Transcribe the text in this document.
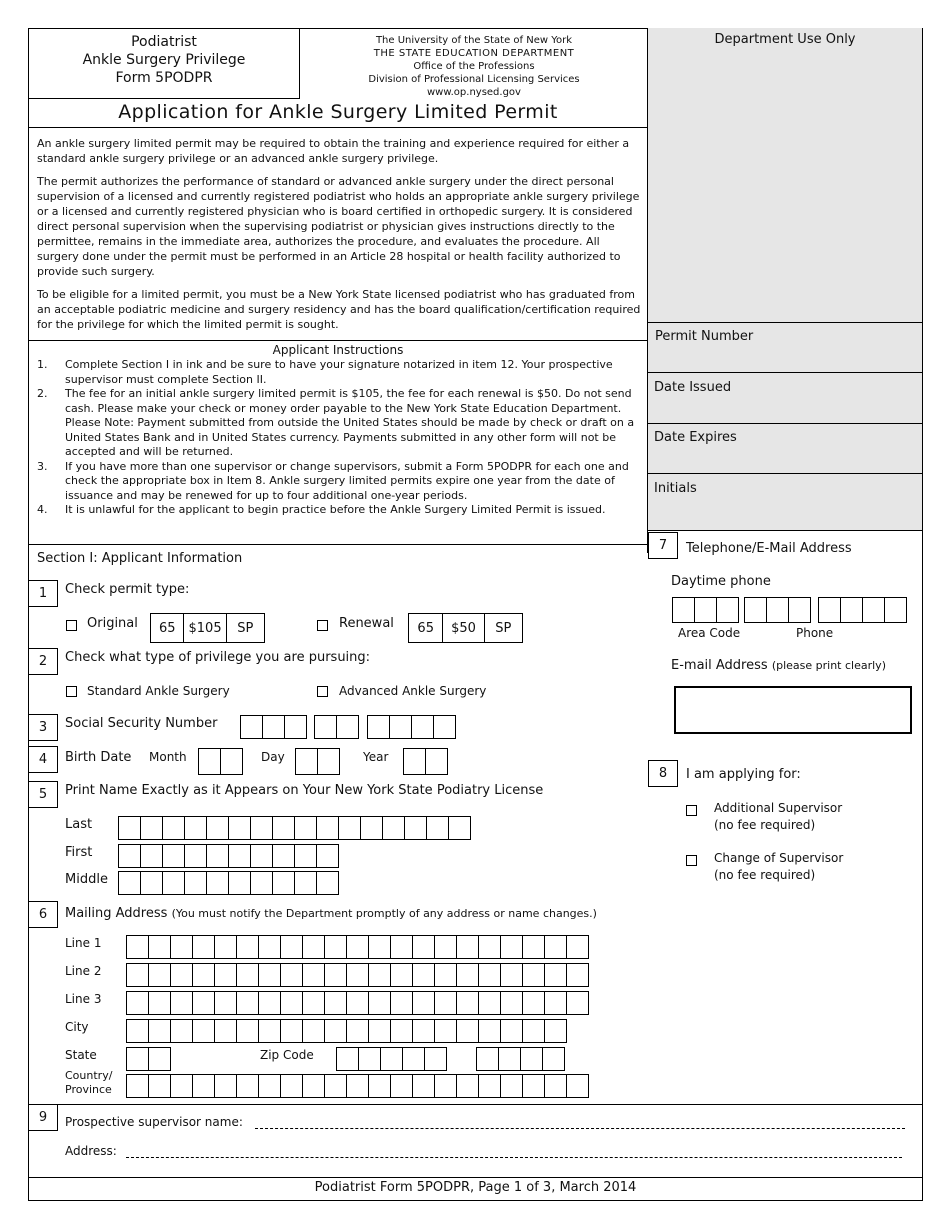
Podiatrist
Ankle Surgery Privilege
Form 5PODPR
The University of the State of New York
THE STATE EDUCATION DEPARTMENT
Office of the Professions
Division of Professional Licensing Services
www.op.nysed.gov
Application for Ankle Surgery Limited Permit

An ankle surgery limited permit may be required to obtain the training and experience required for either a standard ankle surgery privilege or an advanced ankle surgery privilege.

The permit authorizes the performance of standard or advanced ankle surgery under the direct personal supervision of a licensed and currently registered podiatrist who holds an appropriate ankle surgery privilege or a licensed and currently registered physician who is board certified in orthopedic surgery. It is considered direct personal supervision when the supervising podiatrist or physician gives instructions directly to the permittee, remains in the immediate area, authorizes the procedure, and evaluates the procedure. All surgery done under the permit must be performed in an Article 28 hospital or health facility authorized to provide such surgery.

To be eligible for a limited permit, you must be a New York State licensed podiatrist who has graduated from an acceptable podiatric medicine and surgery residency and has the board qualification/certification required for the privilege for which the limited permit is sought.

Applicant Instructions
1.	Complete Section I in ink and be sure to have your signature notarized in item 12. Your prospective supervisor must complete Section II.
2.	The fee for an initial ankle surgery limited permit is $105, the fee for each renewal is $50. Do not send cash. Please make your check or money order payable to the New York State Education Department. Please Note: Payment submitted from outside the United States should be made by check or draft on a United States Bank and in United States currency. Payments submitted in any other form will not be accepted and will be returned.
3.	If you have more than one supervisor or change supervisors, submit a Form 5PODPR for each one and check the appropriate box in Item 8. Ankle surgery limited permits expire one year from the date of issuance and may be renewed for up to four additional one-year periods.
4.	It is unlawful for the applicant to begin practice before the Ankle Surgery Limited Permit is issued.
Department Use Only
Permit Number
Date Issued
Date Expires
Initials
Section I: Applicant Information
1	Check permit type:
Original	65	$105	SP	Renewal	65	$50	SP
2	Check what type of privilege you are pursuing:
Standard Ankle Surgery	Advanced Ankle Surgery
3	Social Security Number
4	Birth Date Month	Day	Year
5	Print Name Exactly as it Appears on Your New York State Podiatry License
Last
First
Middle
6	Mailing Address (You must notify the Department promptly of any address or name changes.)
Line 1
Line 2
Line 3
City
State	Zip Code
Country/
Province
7	Telephone/E-Mail Address
Daytime phone
Area Code	Phone
E-mail Address (please print clearly)
8	I am applying for:
Additional Supervisor
(no fee required)
Change of Supervisor
(no fee required)
9	Prospective supervisor name:
Address:
Podiatrist Form 5PODPR, Page 1 of 3, March 2014
